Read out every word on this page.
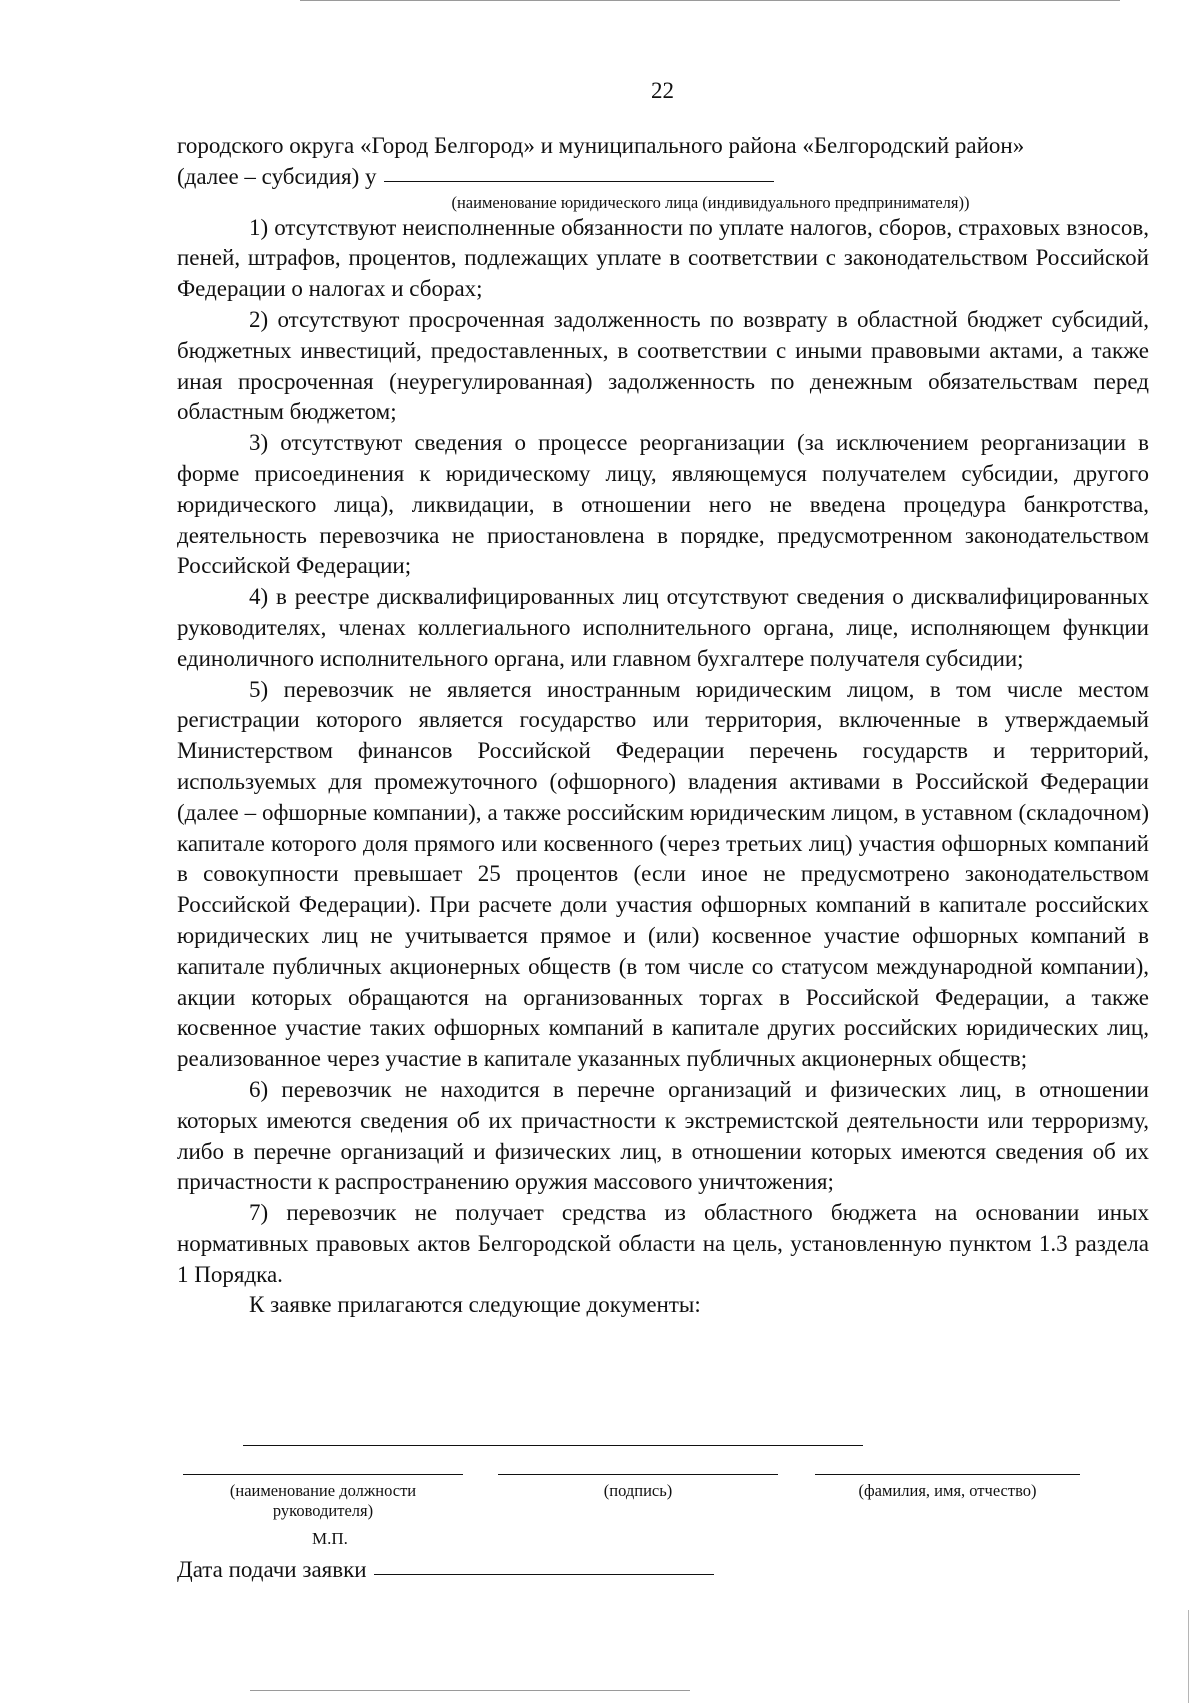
22

городского округа «Город Белгород» и муниципального района «Белгородский район»

(далее – субсидия) у
(наименование юридического лица (индивидуального предпринимателя))

1) отсутствуют неисполненные обязанности по уплате налогов, сборов, страховых взносов, пеней, штрафов, процентов, подлежащих уплате в соответствии с законодательством Российской Федерации о налогах и сборах;

2) отсутствуют просроченная задолженность по возврату в областной бюджет субсидий, бюджетных инвестиций, предоставленных, в соответствии с иными правовыми актами, а также иная просроченная (неурегулированная) задолженность по денежным обязательствам перед областным бюджетом;

3) отсутствуют сведения о процессе реорганизации (за исключением реорганизации в форме присоединения к юридическому лицу, являющемуся получателем субсидии, другого юридического лица), ликвидации, в отношении него не введена процедура банкротства, деятельность перевозчика не приостановлена в порядке, предусмотренном законодательством Российской Федерации;

4) в реестре дисквалифицированных лиц отсутствуют сведения о дисквалифицированных руководителях, членах коллегиального исполнительного органа, лице, исполняющем функции единоличного исполнительного органа, или главном бухгалтере получателя субсидии;

5) перевозчик не является иностранным юридическим лицом, в том числе местом регистрации которого является государство или территория, включенные в утверждаемый Министерством финансов Российской Федерации перечень государств и территорий, используемых для промежуточного (офшорного) владения активами в Российской Федерации (далее – офшорные компании), а также российским юридическим лицом, в уставном (складочном) капитале которого доля прямого или косвенного (через третьих лиц) участия офшорных компаний в совокупности превышает 25 процентов (если иное не предусмотрено законодательством Российской Федерации). При расчете доли участия офшорных компаний в капитале российских юридических лиц не учитывается прямое и (или) косвенное участие офшорных компаний в капитале публичных акционерных обществ (в том числе со статусом международной компании), акции которых обращаются на организованных торгах в Российской Федерации, а также косвенное участие таких офшорных компаний в капитале других российских юридических лиц, реализованное через участие в капитале указанных публичных акционерных обществ;

6) перевозчик не находится в перечне организаций и физических лиц, в отношении которых имеются сведения об их причастности к экстремистской деятельности или терроризму, либо в перечне организаций и физических лиц, в отношении которых имеются сведения об их причастности к распространению оружия массового уничтожения;

7) перевозчик не получает средства из областного бюджета на основании иных нормативных правовых актов Белгородской области на цель, установленную пунктом 1.3 раздела 1 Порядка.

К заявке прилагаются следующие документы:

(наименование должности руководителя)
(подпись)	(фамилия, имя, отчество)
М.П.
Дата подачи заявки
